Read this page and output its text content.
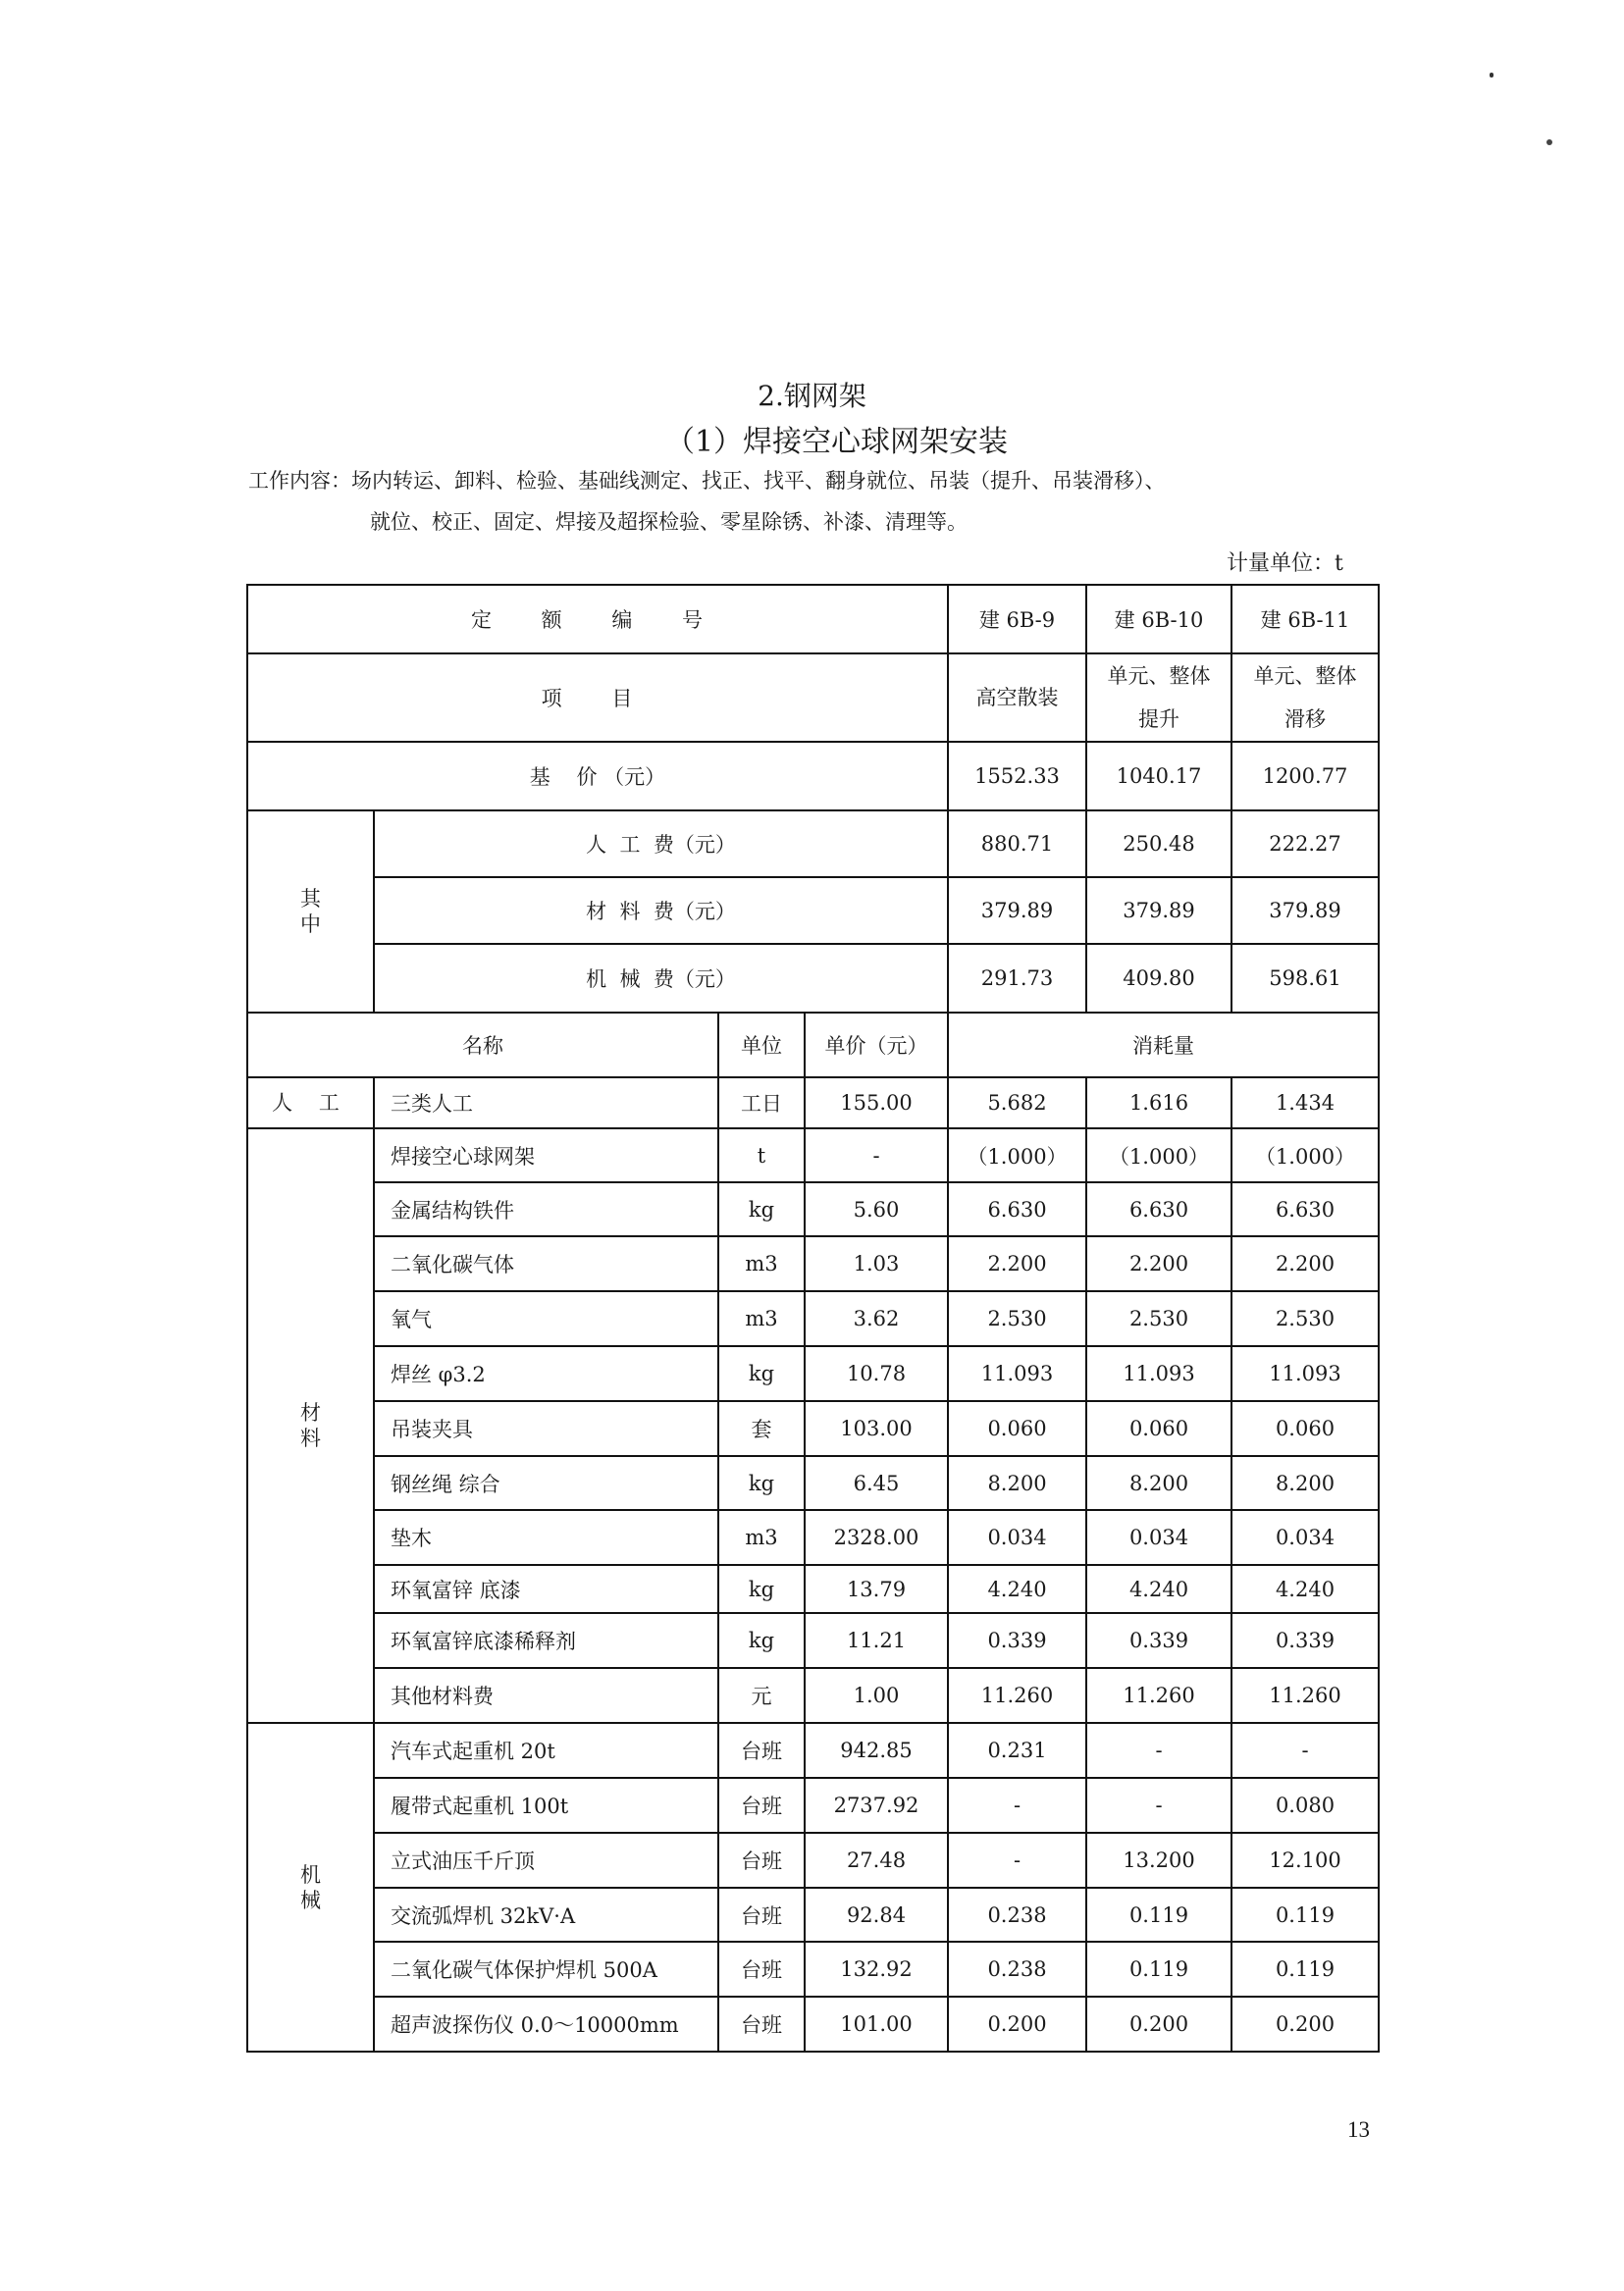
2.钢网架
（1）焊接空心球网架安装
工作内容：场内转运、卸料、检验、基础线测定、找正、找平、翻身就位、吊装（提升、吊装滑移）、
就位、校正、固定、焊接及超探检验、零星除锈、补漆、清理等。
计量单位：t
定 额 编 号				建 6B-9	建 6B-10	建 6B-11
项 目				高空散装	单元、整体提升	单元、整体滑移

基    价 （元）				1552.33	1040.17	1200.77

其中	人  工  费（元）			880.71	250.48	222.27
	材  料  费（元）			379.89	379.89	379.89
	机  械  费（元）			291.73	409.80	598.61
名称		单位	单价（元）	消耗量		

人 工	三类人工	工日	155.00	5.682	1.616	1.434

材料	焊接空心球网架	t	-	（1.000）	（1.000）	（1.000）
	金属结构铁件	kg	5.60	6.630	6.630	6.630
	二氧化碳气体	m3	1.03	2.200	2.200	2.200
	氧气	m3	3.62	2.530	2.530	2.530
	焊丝 φ3.2	kg	10.78	11.093	11.093	11.093
	吊装夹具	套	103.00	0.060	0.060	0.060
	钢丝绳 综合	kg	6.45	8.200	8.200	8.200
	垫木	m3	2328.00	0.034	0.034	0.034
	环氧富锌 底漆	kg	13.79	4.240	4.240	4.240
	环氧富锌底漆稀释剂	kg	11.21	0.339	0.339	0.339
	其他材料费	元	1.00	11.260	11.260	11.260

机械	汽车式起重机 20t	台班	942.85	0.231	-	-
	履带式起重机 100t	台班	2737.92	-	-	0.080
	立式油压千斤顶	台班	27.48	-	13.200	12.100
	交流弧焊机 32kV·A	台班	92.84	0.238	0.119	0.119
	二氧化碳气体保护焊机 500A	台班	132.92	0.238	0.119	0.119
	超声波探伤仪 0.0～10000mm	台班	101.00	0.200	0.200	0.200
13
